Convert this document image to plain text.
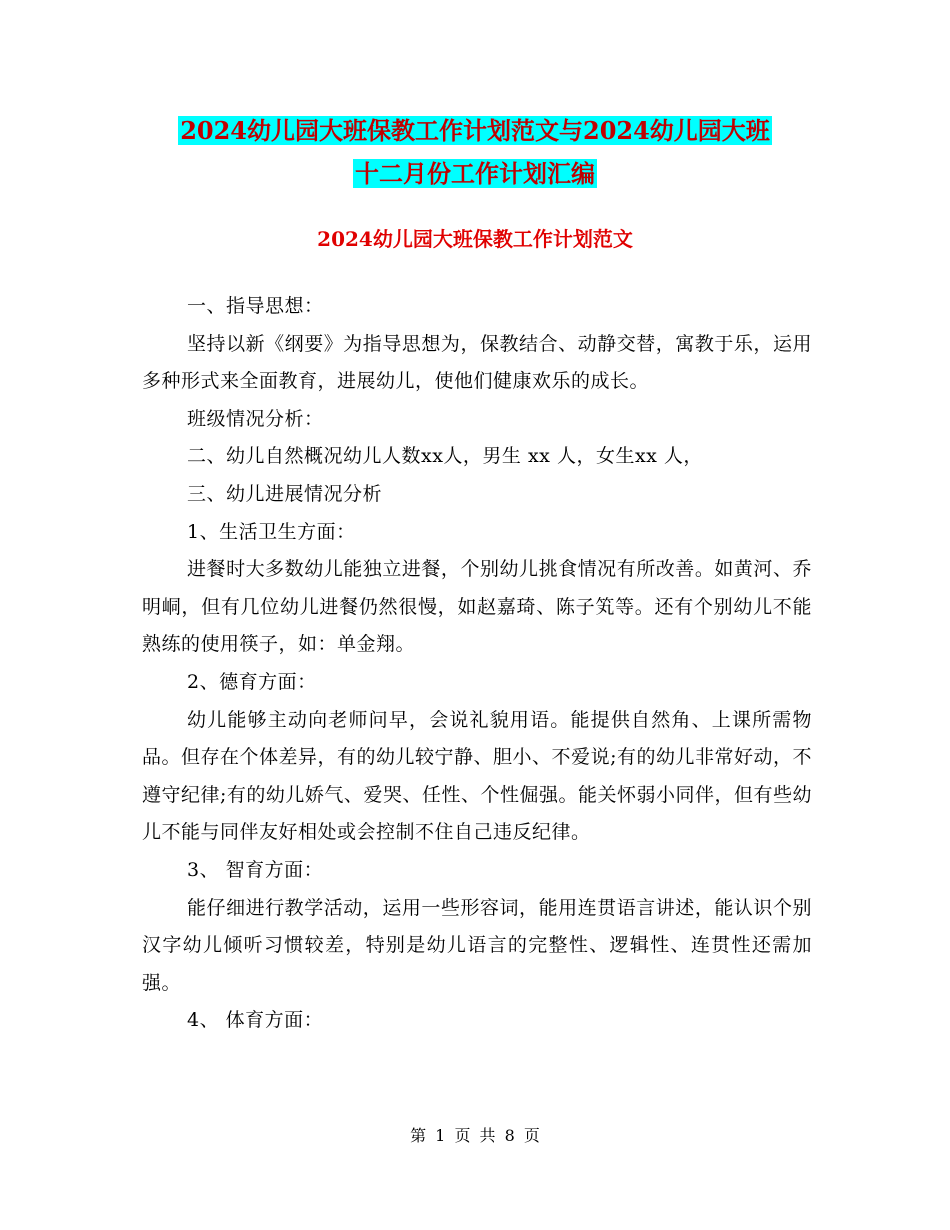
2024幼儿园大班保教工作计划范文与2024幼儿园大班
十二月份工作计划汇编
2024幼儿园大班保教工作计划范文

一、指导思想：

坚持以新《纲要》为指导思想为，保教结合、动静交替，寓教于乐，运用多种形式来全面教育，进展幼儿，使他们健康欢乐的成长。

班级情况分析：

二、幼儿自然概况幼儿人数xx人，男生 xx 人，女生xx 人，

三、幼儿进展情况分析

1、生活卫生方面：

进餐时大多数幼儿能独立进餐，个别幼儿挑食情况有所改善。如黄河、乔明峒，但有几位幼儿进餐仍然很慢，如赵嘉琦、陈子笂等。还有个别幼儿不能熟练的使用筷子，如：单金翔。

2、德育方面：

幼儿能够主动向老师问早，会说礼貌用语。能提供自然角、上课所需物品。但存在个体差异，有的幼儿较宁静、胆小、不爱说;有的幼儿非常好动，不遵守纪律;有的幼儿娇气、爱哭、任性、个性倔强。能关怀弱小同伴，但有些幼儿不能与同伴友好相处或会控制不住自己违反纪律。

3、 智育方面：

能仔细进行教学活动，运用一些形容词，能用连贯语言讲述，能认识个别汉字幼儿倾听习惯较差，特别是幼儿语言的完整性、逻辑性、连贯性还需加强。

4、 体育方面：

第 1 页 共 8 页
